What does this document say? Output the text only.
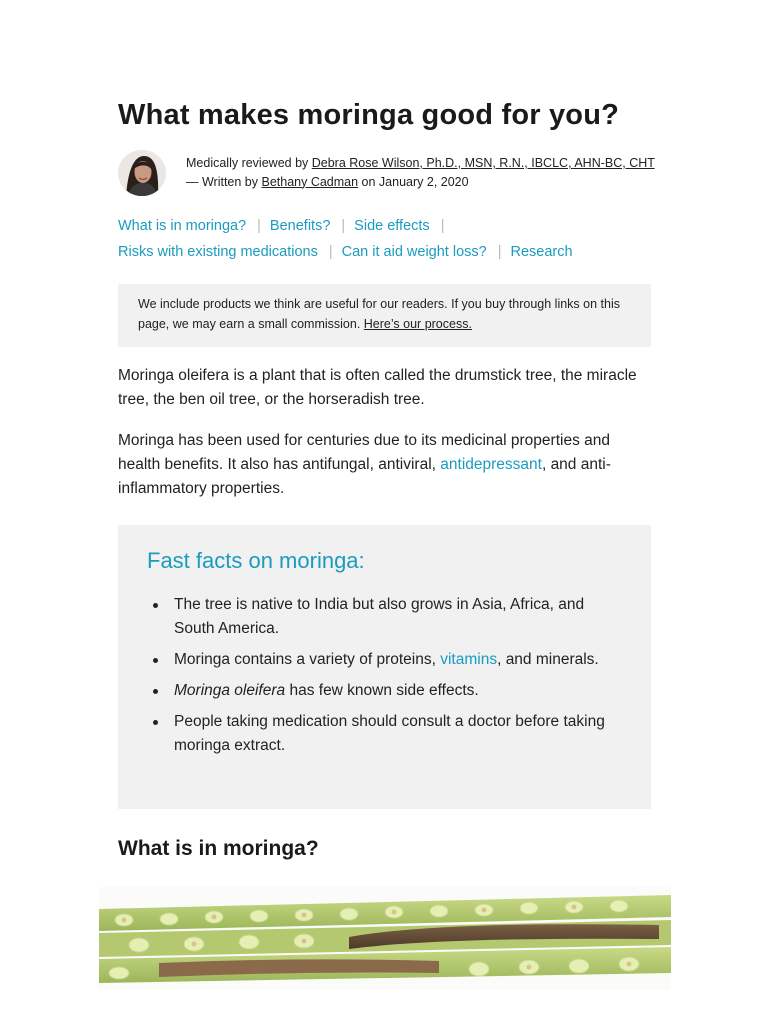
What makes moringa good for you?
Medically reviewed by Debra Rose Wilson, Ph.D., MSN, R.N., IBCLC, AHN-BC, CHT — Written by Bethany Cadman on January 2, 2020
What is in moringa? | Benefits? | Side effects |
Risks with existing medications | Can it aid weight loss? | Research
We include products we think are useful for our readers. If you buy through links on this page, we may earn a small commission. Here’s our process.

Moringa oleifera is a plant that is often called the drumstick tree, the miracle tree, the ben oil tree, or the horseradish tree.

Moringa has been used for centuries due to its medicinal properties and health benefits. It also has antifungal, antiviral, antidepressant, and anti-inflammatory properties.

Fast facts on moringa:
The tree is native to India but also grows in Asia, Africa, and South America.
Moringa contains a variety of proteins, vitamins, and minerals.
Moringa oleifera has few known side effects.
People taking medication should consult a doctor before taking moringa extract.
What is in moringa?
